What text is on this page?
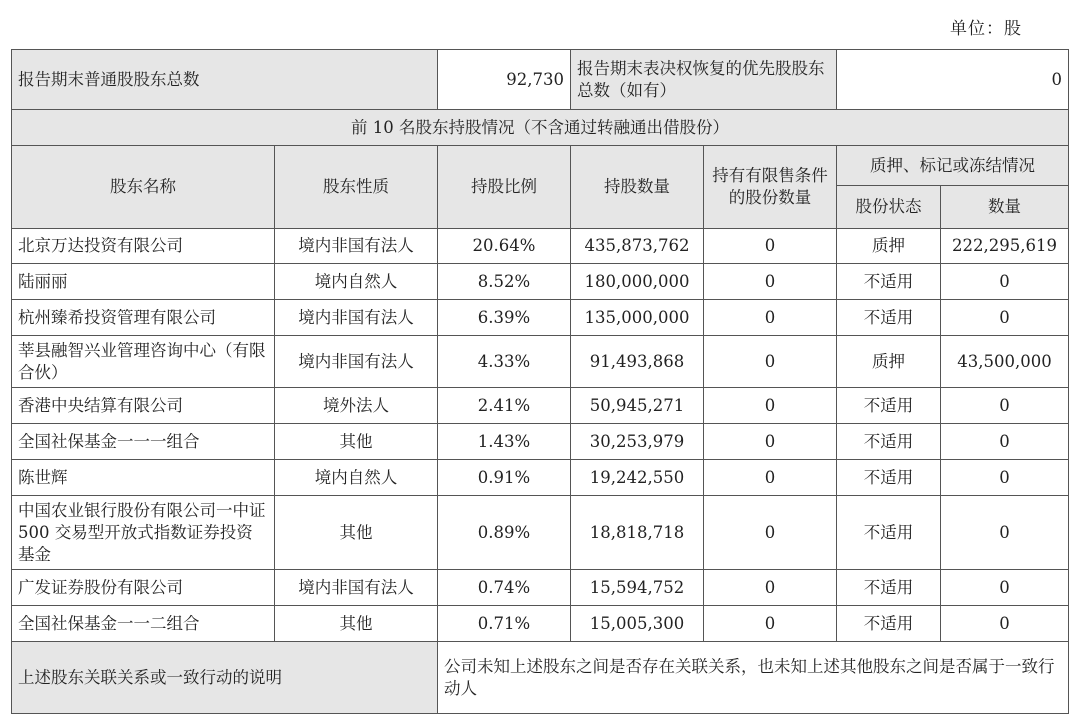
单位：股
报告期末普通股股东总数		92,730	报告期末表决权恢复的优先股股东总数（如有）		0	
前 10 名股东持股情况（不含通过转融通出借股份）						
股东名称	股东性质	持股比例	持股数量	持有有限售条件的股份数量	质押、标记或冻结情况	
					股份状态	数量
北京万达投资有限公司	境内非国有法人	20.64%	435,873,762	0	质押	222,295,619
陆丽丽	境内自然人	8.52%	180,000,000	0	不适用	0
杭州臻希投资管理有限公司	境内非国有法人	6.39%	135,000,000	0	不适用	0
莘县融智兴业管理咨询中心（有限合伙）	境内非国有法人	4.33%	91,493,868	0	质押	43,500,000
香港中央结算有限公司	境外法人	2.41%	50,945,271	0	不适用	0
全国社保基金一一一组合	其他	1.43%	30,253,979	0	不适用	0
陈世辉	境内自然人	0.91%	19,242,550	0	不适用	0
中国农业银行股份有限公司一中证 500 交易型开放式指数证券投资基金	其他	0.89%	18,818,718	0	不适用	0
广发证券股份有限公司	境内非国有法人	0.74%	15,594,752	0	不适用	0
全国社保基金一一二组合	其他	0.71%	15,005,300	0	不适用	0
上述股东关联关系或一致行动的说明		公司未知上述股东之间是否存在关联关系，也未知上述其他股东之间是否属于一致行动人				
